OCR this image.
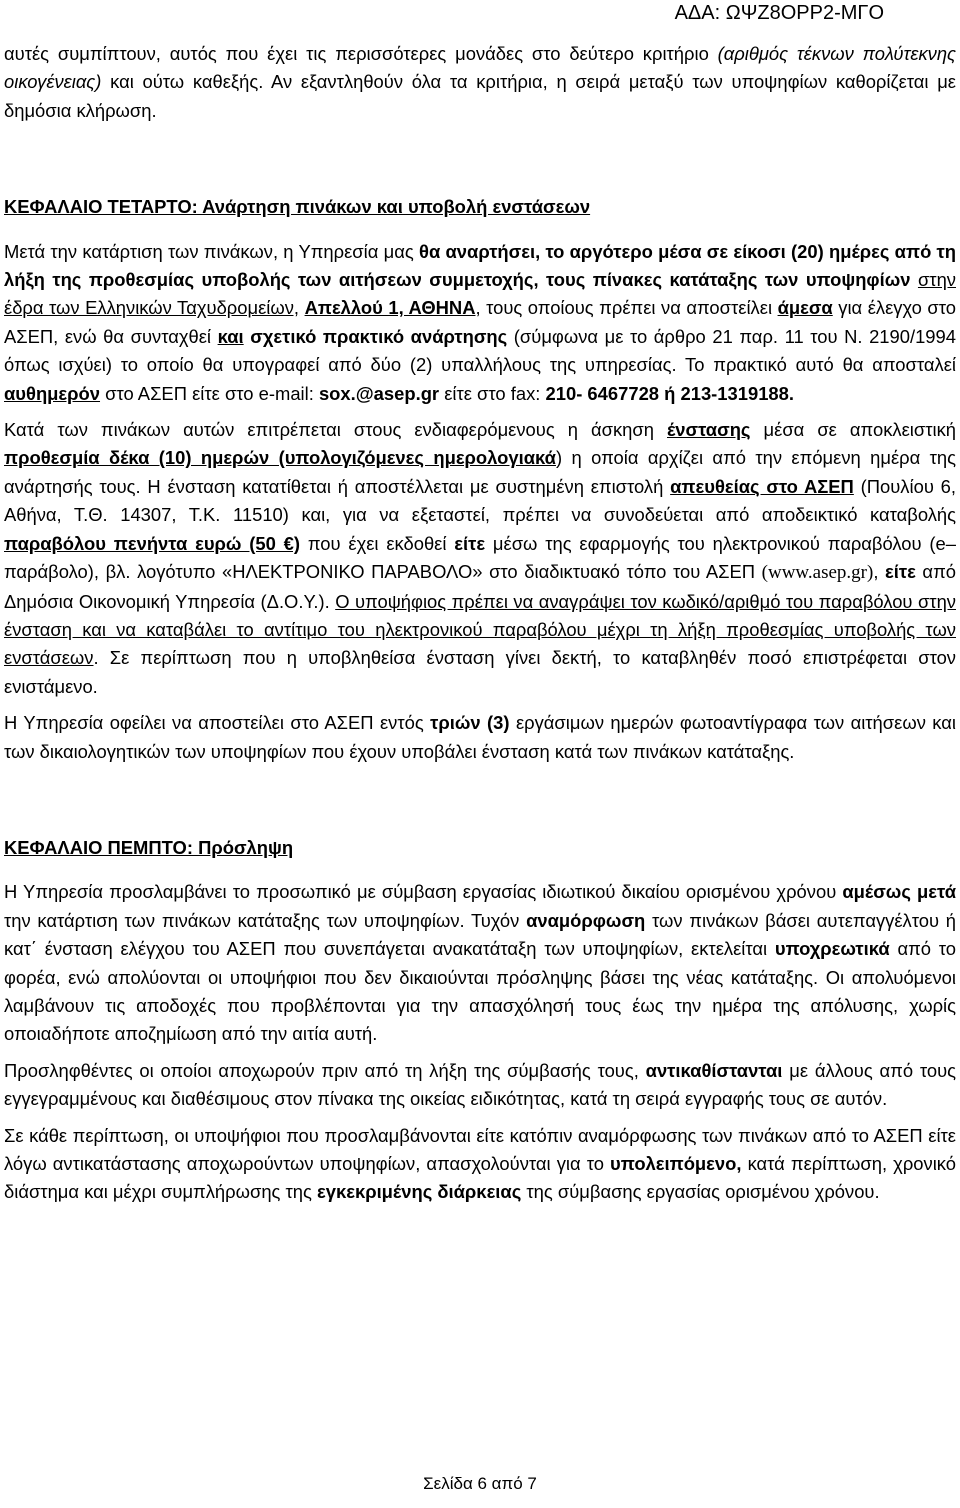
ΑΔΑ: ΩΨΖ8ΟΡΡ2-ΜΓΟ

αυτές συμπίπτουν, αυτός που έχει τις περισσότερες μονάδες στο δεύτερο κριτήριο (αριθμός τέκνων πολύτεκνης οικογένειας) και ούτω καθεξής. Αν εξαντληθούν όλα τα κριτήρια, η σειρά μεταξύ των υποψηφίων καθορίζεται με δημόσια κλήρωση.

ΚΕΦΑΛΑΙΟ ΤΕΤΑΡΤΟ: Ανάρτηση πινάκων και υποβολή ενστάσεων

Μετά την κατάρτιση των πινάκων, η Υπηρεσία μας θα αναρτήσει, το αργότερο μέσα σε είκοσι (20) ημέρες από τη λήξη της προθεσμίας υποβολής των αιτήσεων συμμετοχής, τους πίνακες κατάταξης των υποψηφίων στην έδρα των Ελληνικών Ταχυδρομείων, Απελλού 1, ΑΘΗΝΑ, τους οποίους πρέπει να αποστείλει άμεσα για έλεγχο στο ΑΣΕΠ, ενώ θα συνταχθεί και σχετικό πρακτικό ανάρτησης (σύμφωνα με το άρθρο 21 παρ. 11 του Ν. 2190/1994 όπως ισχύει) το οποίο θα υπογραφεί από δύο (2) υπαλλήλους της υπηρεσίας. Το πρακτικό αυτό θα αποσταλεί αυθημερόν στο ΑΣΕΠ είτε στο e-mail: sox.@asep.gr είτε στο fax: 210- 6467728 ή 213-1319188.

Κατά των πινάκων αυτών επιτρέπεται στους ενδιαφερόμενους η άσκηση ένστασης μέσα σε αποκλειστική προθεσμία δέκα (10) ημερών (υπολογιζόμενες ημερολογιακά) η οποία αρχίζει από την επόμενη ημέρα της ανάρτησής τους. Η ένσταση κατατίθεται ή αποστέλλεται με συστημένη επιστολή απευθείας στο ΑΣΕΠ (Πουλίου 6, Αθήνα, Τ.Θ. 14307, Τ.Κ. 11510) και, για να εξεταστεί, πρέπει να συνοδεύεται από αποδεικτικό καταβολής παραβόλου πενήντα ευρώ (50 €) που έχει εκδοθεί είτε μέσω της εφαρμογής του ηλεκτρονικού παραβόλου (e–παράβολο), βλ. λογότυπο «ΗΛΕΚΤΡΟΝΙΚΟ ΠΑΡΑΒΟΛΟ» στο διαδικτυακό τόπο του ΑΣΕΠ (www.asep.gr), είτε από Δημόσια Οικονομική Υπηρεσία (Δ.Ο.Υ.). Ο υποψήφιος πρέπει να αναγράψει τον κωδικό/αριθμό του παραβόλου στην ένσταση και να καταβάλει το αντίτιμο του ηλεκτρονικού παραβόλου μέχρι τη λήξη προθεσμίας υποβολής των ενστάσεων. Σε περίπτωση που η υποβληθείσα ένσταση γίνει δεκτή, το καταβληθέν ποσό επιστρέφεται στον ενιστάμενο.

Η Υπηρεσία οφείλει να αποστείλει στο ΑΣΕΠ εντός τριών (3) εργάσιμων ημερών φωτοαντίγραφα των αιτήσεων και των δικαιολογητικών των υποψηφίων που έχουν υποβάλει ένσταση κατά των πινάκων κατάταξης.

ΚΕΦΑΛΑΙΟ ΠΕΜΠΤΟ: Πρόσληψη

Η Υπηρεσία προσλαμβάνει το προσωπικό με σύμβαση εργασίας ιδιωτικού δικαίου ορισμένου χρόνου αμέσως μετά την κατάρτιση των πινάκων κατάταξης των υποψηφίων. Τυχόν αναμόρφωση των πινάκων βάσει αυτεπαγγέλτου ή κατ΄ ένσταση ελέγχου του ΑΣΕΠ που συνεπάγεται ανακατάταξη των υποψηφίων, εκτελείται υποχρεωτικά από το φορέα, ενώ απολύονται οι υποψήφιοι που δεν δικαιούνται πρόσληψης βάσει της νέας κατάταξης. Οι απολυόμενοι λαμβάνουν τις αποδοχές που προβλέπονται για την απασχόλησή τους έως την ημέρα της απόλυσης, χωρίς οποιαδήποτε αποζημίωση από την αιτία αυτή.

Προσληφθέντες οι οποίοι αποχωρούν πριν από τη λήξη της σύμβασής τους, αντικαθίστανται με άλλους από τους εγγεγραμμένους και διαθέσιμους στον πίνακα της οικείας ειδικότητας, κατά τη σειρά εγγραφής τους σε αυτόν.

Σε κάθε περίπτωση, οι υποψήφιοι που προσλαμβάνονται είτε κατόπιν αναμόρφωσης των πινάκων από το ΑΣΕΠ είτε λόγω αντικατάστασης αποχωρούντων υποψηφίων, απασχολούνται για το υπολειπόμενο, κατά περίπτωση, χρονικό διάστημα και μέχρι συμπλήρωσης της εγκεκριμένης διάρκειας της σύμβασης εργασίας ορισμένου χρόνου.

Σελίδα 6 από 7
